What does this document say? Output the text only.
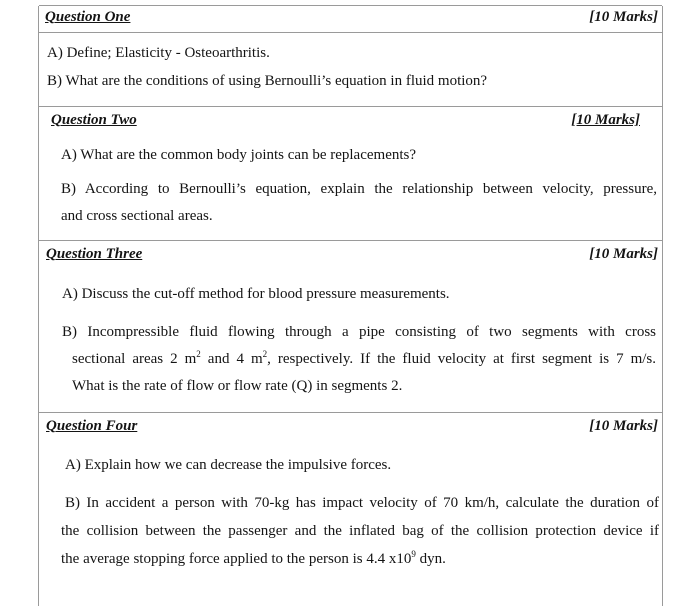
Question One	[10 Marks]
A) Define; Elasticity - Osteoarthritis.
B) What are the conditions of using Bernoulli’s equation in fluid motion?
Question Two	[10 Marks]
A) What are the common body joints can be replacements?
B) According to Bernoulli’s equation, explain the relationship between velocity, pressure,
and cross sectional areas.
Question Three	[10 Marks]
A) Discuss the cut-off method for blood pressure measurements.
B) Incompressible fluid flowing through a pipe consisting of two segments with cross
sectional areas 2 $m^2$ and 4 $m^2$, respectively. If the fluid velocity at first segment is 7 m/s.
What is the rate of flow or flow rate (Q) in segments 2.
Question Four	[10 Marks]
A) Explain how we can decrease the impulsive forces.
B) In accident a person with 70-kg has impact velocity of 70 km/h, calculate the duration of
the collision between the passenger and the inflated bag of the collision protection device if
the average stopping force applied to the person is 4.4 $x10^9$ dyn.
